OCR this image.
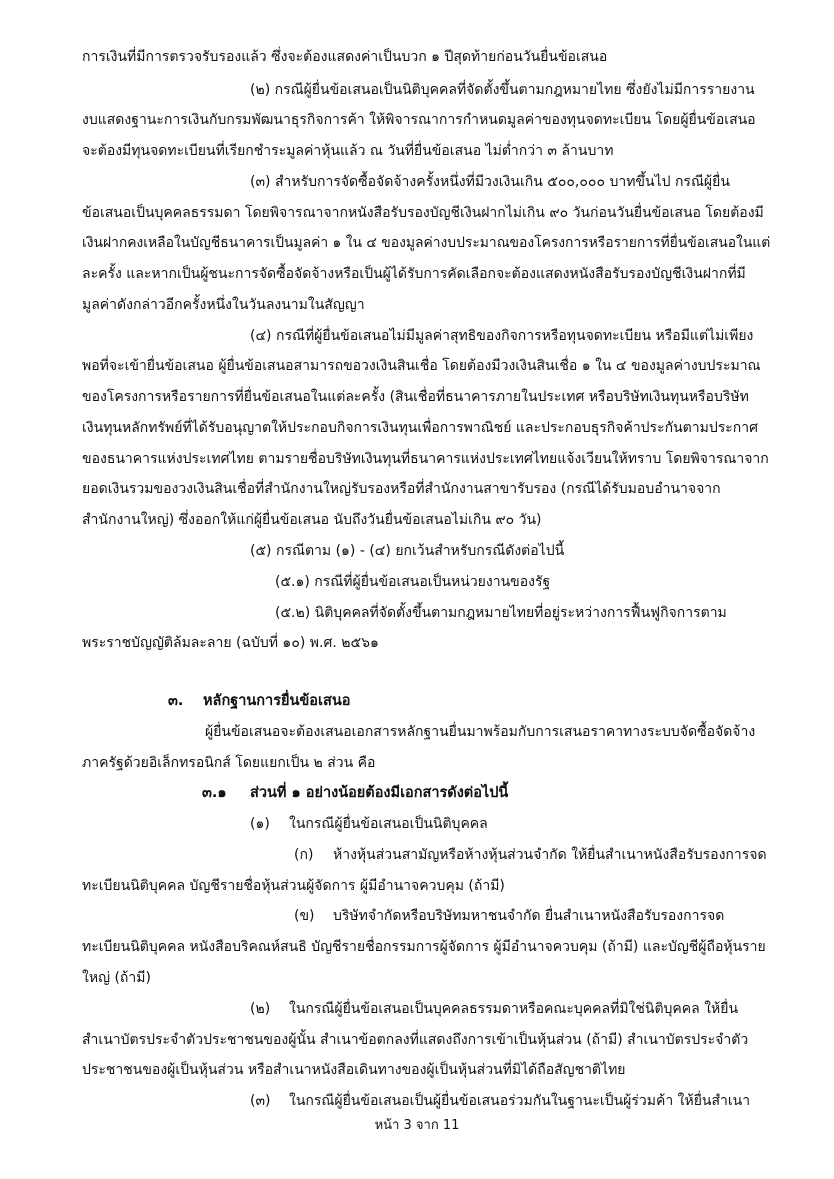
การเงินที่มีการตรวจรับรองแล้ว ซึ่งจะต้องแสดงค่าเป็นบวก ๑ ปีสุดท้ายก่อนวันยื่นข้อเสนอ
(๒) กรณีผู้ยื่นข้อเสนอเป็นนิติบุคคลที่จัดตั้งขึ้นตามกฎหมายไทย ซึ่งยังไม่มีการรายงาน
งบแสดงฐานะการเงินกับกรมพัฒนาธุรกิจการค้า ให้พิจารณาการกำหนดมูลค่าของทุนจดทะเบียน โดยผู้ยื่นข้อเสนอ
จะต้องมีทุนจดทะเบียนที่เรียกชำระมูลค่าหุ้นแล้ว ณ วันที่ยื่นข้อเสนอ ไม่ต่ำกว่า ๓ ล้านบาท
(๓) สำหรับการจัดซื้อจัดจ้างครั้งหนึ่งที่มีวงเงินเกิน ๕๐๐,๐๐๐ บาทขึ้นไป กรณีผู้ยื่น
ข้อเสนอเป็นบุคคลธรรมดา โดยพิจารณาจากหนังสือรับรองบัญชีเงินฝากไม่เกิน ๙๐ วันก่อนวันยื่นข้อเสนอ โดยต้องมี
เงินฝากคงเหลือในบัญชีธนาคารเป็นมูลค่า ๑ ใน ๔ ของมูลค่างบประมาณของโครงการหรือรายการที่ยื่นข้อเสนอในแต่
ละครั้ง และหากเป็นผู้ชนะการจัดซื้อจัดจ้างหรือเป็นผู้ได้รับการคัดเลือกจะต้องแสดงหนังสือรับรองบัญชีเงินฝากที่มี
มูลค่าดังกล่าวอีกครั้งหนึ่งในวันลงนามในสัญญา
(๔) กรณีที่ผู้ยื่นข้อเสนอไม่มีมูลค่าสุทธิของกิจการหรือทุนจดทะเบียน หรือมีแต่ไม่เพียง
พอที่จะเข้ายื่นข้อเสนอ ผู้ยื่นข้อเสนอสามารถขอวงเงินสินเชื่อ โดยต้องมีวงเงินสินเชื่อ ๑ ใน ๔ ของมูลค่างบประมาณ
ของโครงการหรือรายการที่ยื่นข้อเสนอในแต่ละครั้ง (สินเชื่อที่ธนาคารภายในประเทศ หรือบริษัทเงินทุนหรือบริษัท
เงินทุนหลักทรัพย์ที่ได้รับอนุญาตให้ประกอบกิจการเงินทุนเพื่อการพาณิชย์ และประกอบธุรกิจค้าประกันตามประกาศ
ของธนาคารแห่งประเทศไทย ตามรายชื่อบริษัทเงินทุนที่ธนาคารแห่งประเทศไทยแจ้งเวียนให้ทราบ โดยพิจารณาจาก
ยอดเงินรวมของวงเงินสินเชื่อที่สำนักงานใหญ่รับรองหรือที่สำนักงานสาขารับรอง (กรณีได้รับมอบอำนาจจาก
สำนักงานใหญ่) ซึ่งออกให้แก่ผู้ยื่นข้อเสนอ นับถึงวันยื่นข้อเสนอไม่เกิน ๙๐ วัน)
(๕) กรณีตาม (๑) - (๔) ยกเว้นสำหรับกรณีดังต่อไปนี้
(๕.๑) กรณีที่ผู้ยื่นข้อเสนอเป็นหน่วยงานของรัฐ
(๕.๒) นิติบุคคลที่จัดตั้งขึ้นตามกฎหมายไทยที่อยู่ระหว่างการฟื้นฟูกิจการตาม
พระราชบัญญัติล้มละลาย (ฉบับที่ ๑๐) พ.ศ. ๒๕๖๑
๓. หลักฐานการยื่นข้อเสนอ
ผู้ยื่นข้อเสนอจะต้องเสนอเอกสารหลักฐานยื่นมาพร้อมกับการเสนอราคาทางระบบจัดซื้อจัดจ้าง
ภาครัฐด้วยอิเล็กทรอนิกส์ โดยแยกเป็น ๒ ส่วน คือ
๓.๑ ส่วนที่ ๑ อย่างน้อยต้องมีเอกสารดังต่อไปนี้
(๑) ในกรณีผู้ยื่นข้อเสนอเป็นนิติบุคคล
(ก) ห้างหุ้นส่วนสามัญหรือห้างหุ้นส่วนจำกัด ให้ยื่นสำเนาหนังสือรับรองการจด
ทะเบียนนิติบุคคล บัญชีรายชื่อหุ้นส่วนผู้จัดการ ผู้มีอำนาจควบคุม (ถ้ามี)
(ข) บริษัทจำกัดหรือบริษัทมหาชนจำกัด ยื่นสำเนาหนังสือรับรองการจด
ทะเบียนนิติบุคคล หนังสือบริคณห์สนธิ บัญชีรายชื่อกรรมการผู้จัดการ ผู้มีอำนาจควบคุม (ถ้ามี) และบัญชีผู้ถือหุ้นราย
ใหญ่ (ถ้ามี)
(๒) ในกรณีผู้ยื่นข้อเสนอเป็นบุคคลธรรมดาหรือคณะบุคคลที่มิใช่นิติบุคคล ให้ยื่น
สำเนาบัตรประจำตัวประชาชนของผู้นั้น สำเนาข้อตกลงที่แสดงถึงการเข้าเป็นหุ้นส่วน (ถ้ามี) สำเนาบัตรประจำตัว
ประชาชนของผู้เป็นหุ้นส่วน หรือสำเนาหนังสือเดินทางของผู้เป็นหุ้นส่วนที่มิได้ถือสัญชาติไทย
(๓) ในกรณีผู้ยื่นข้อเสนอเป็นผู้ยื่นข้อเสนอร่วมกันในฐานะเป็นผู้ร่วมค้า ให้ยื่นสำเนา
หน้า 3 จาก 11
